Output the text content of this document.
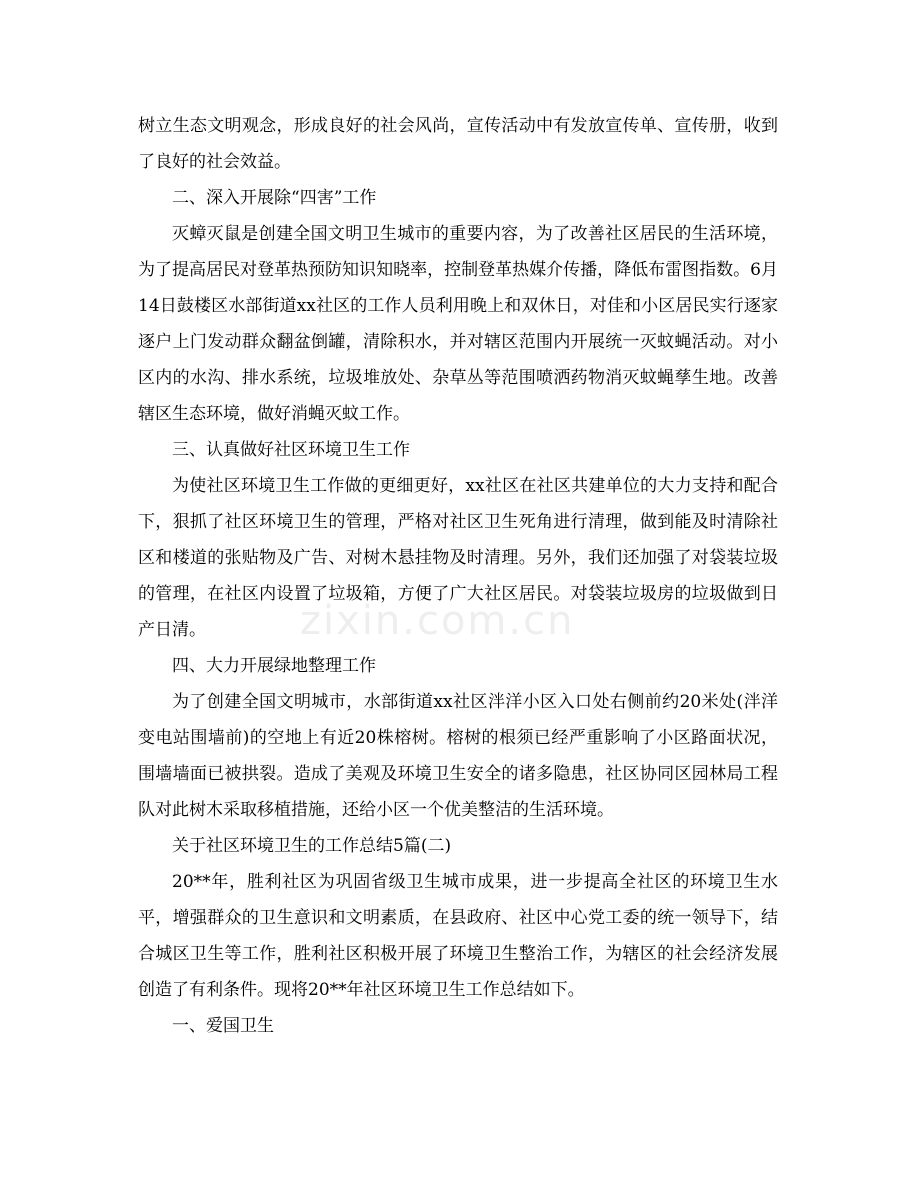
树立生态文明观念，形成良好的社会风尚，宣传活动中有发放宣传单、宣传册，收到了良好的社会效益。

二、深入开展除“四害”工作

灭蟑灭鼠是创建全国文明卫生城市的重要内容，为了改善社区居民的生活环境，为了提高居民对登革热预防知识知晓率，控制登革热媒介传播，降低布雷图指数。6月14日鼓楼区水部街道xx社区的工作人员利用晚上和双休日，对佳和小区居民实行逐家逐户上门发动群众翻盆倒罐，清除积水，并对辖区范围内开展统一灭蚊蝇活动。对小区内的水沟、排水系统，垃圾堆放处、杂草丛等范围喷洒药物消灭蚊蝇孳生地。改善辖区生态环境，做好消蝇灭蚊工作。

三、认真做好社区环境卫生工作

为使社区环境卫生工作做的更细更好，xx社区在社区共建单位的大力支持和配合下，狠抓了社区环境卫生的管理，严格对社区卫生死角进行清理，做到能及时清除社区和楼道的张贴物及广告、对树木悬挂物及时清理。另外，我们还加强了对袋装垃圾的管理，在社区内设置了垃圾箱，方便了广大社区居民。对袋装垃圾房的垃圾做到日产日清。

四、大力开展绿地整理工作

为了创建全国文明城市，水部街道xx社区泮洋小区入口处右侧前约20米处(泮洋变电站围墙前)的空地上有近20株榕树。榕树的根须已经严重影响了小区路面状况，围墙墙面已被拱裂。造成了美观及环境卫生安全的诸多隐患，社区协同区园林局工程队对此树木采取移植措施，还给小区一个优美整洁的生活环境。

关于社区环境卫生的工作总结5篇(二)

20**年，胜利社区为巩固省级卫生城市成果，进一步提高全社区的环境卫生水平，增强群众的卫生意识和文明素质，在县政府、社区中心党工委的统一领导下，结合城区卫生等工作，胜利社区积极开展了环境卫生整治工作，为辖区的社会经济发展创造了有利条件。现将20**年社区环境卫生工作总结如下。

一、爱国卫生

zixin.com.cn
